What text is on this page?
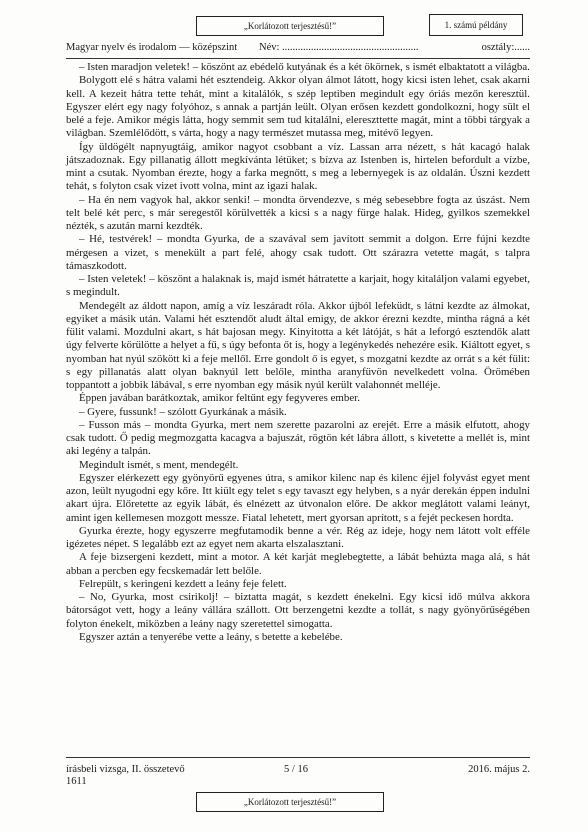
„Korlátozott terjesztésű!”	1. számú példány
Magyar nyelv és irodalom — középszint Név: ....................................................	osztály:......

– Isten maradjon veletek! – köszönt az ebédelő kutyának és a két ökörnek, s ismét elbaktatott a világba.

Bolygott elé s hátra valami hét esztendeig. Akkor olyan álmot látott, hogy kicsi isten lehet, csak akarni kell. A kezeit hátra tette tehát, mint a kitalálók, s szép leptiben megindult egy óriás mezőn keresztül. Egyszer elért egy nagy folyóhoz, s annak a partján leült. Olyan erősen kezdett gondolkozni, hogy sült el belé a feje. Amikor mégis látta, hogy semmit sem tud kitalálni, elereszttette magát, mint a többi tárgyak a világban. Szemlélődött, s várta, hogy a nagy természet mutassa meg, mitévő legyen.

Így üldögélt napnyugtáig, amikor nagyot csobbant a víz. Lassan arra nézett, s hát kacagó halak játszadoznak. Egy pillanatig állott megkívánta létüket; s bízva az Istenben is, hirtelen befordult a vízbe, mint a csutak. Nyomban érezte, hogy a farka megnőtt, s meg a lebernyegek is az oldalán. Úszni kezdett tehát, s folyton csak vizet ivott volna, mint az igazi halak.

– Ha én nem vagyok hal, akkor senki! – mondta örvendezve, s még sebesebbre fogta az úszást. Nem telt belé két perc, s már seregestől körülvették a kicsi s a nagy fürge halak. Hideg, gyilkos szemekkel nézték, s azután marni kezdték.

– Hé, testvérek! – mondta Gyurka, de a szavával sem javított semmit a dolgon. Erre fújni kezdte mérgesen a vizet, s menekült a part felé, ahogy csak tudott. Ott szárazra vetette magát, s talpra támaszkodott.

– Isten veletek! – köszönt a halaknak is, majd ismét hátratette a karjait, hogy kitaláljon valami egyebet, s megindult.

Mendegélt az áldott napon, amíg a víz leszáradt róla. Akkor újból lefeküdt, s látni kezdte az álmokat, egyiket a másik után. Valami hét esztendőt aludt által emigy, de akkor érezni kezdte, mintha rágná a két fülit valami. Mozdulni akart, s hát bajosan megy. Kinyitotta a két látóját, s hát a leforgó esztendők alatt úgy felverte körülötte a helyet a fű, s úgy befonta őt is, hogy a legénykedés nehezére esik. Kiáltott egyet, s nyomban hat nyúl szökött ki a feje mellől. Erre gondolt ő is egyet, s mozgatni kezdte az orrát s a két fülit: s egy pillanatás alatt olyan baknyúl lett belőle, mintha aranyfüvön nevelkedett volna. Örömében toppantott a jobbik lábával, s erre nyomban egy másik nyúl került valahonnét melléje.

Éppen javában barátkoztak, amikor feltűnt egy fegyveres ember.

– Gyere, fussunk! – szólott Gyurkának a másik.

– Fusson más – mondta Gyurka, mert nem szerette pazarolni az erejét. Erre a másik elfutott, ahogy csak tudott. Ő pedig megmozgatta kacagva a bajuszát, rögtön két lábra állott, s kivetette a mellét is, mint aki legény a talpán.

Megindult ismét, s ment, mendegélt.

Egyszer elérkezett egy gyönyörű egyenes útra, s amikor kilenc nap és kilenc éjjel folyvást egyet ment azon, leült nyugodni egy kőre. Itt kiült egy telet s egy tavaszt egy helyben, s a nyár derekán éppen indulni akart újra. Előretette az egyik lábát, és elnézett az útvonalon előre. De akkor meglátott valami leányt, amint igen kellemesen mozgott messze. Fiatal lehetett, mert gyorsan aprított, s a fejét peckesen hordta.

Gyurka érezte, hogy egyszerre megfutamodik benne a vér. Rég az ideje, hogy nem látott volt efféle igézetes népet. S legalább ezt az egyet nem akarta elszalasztani.

A feje bizsergeni kezdett, mint a motor. A két karját meglebegtette, a lábát behúzta maga alá, s hát abban a percben egy fecskemadár lett belőle.

Felrepült, s keringeni kezdett a leány feje felett.

– No, Gyurka, most csirikolj! – biztatta magát, s kezdett énekelni. Egy kicsi idő múlva akkora bátorságot vett, hogy a leány vállára szállott. Ott berzengetni kezdte a tollát, s nagy gyönyörűségében folyton énekelt, miközben a leány nagy szeretettel simogatta.

Egyszer aztán a tenyerébe vette a leány, s betette a kebelébe.

írásbeli vizsga, II. összetevő
1611
5 / 16	2016. május 2.
„Korlátozott terjesztésű!”
